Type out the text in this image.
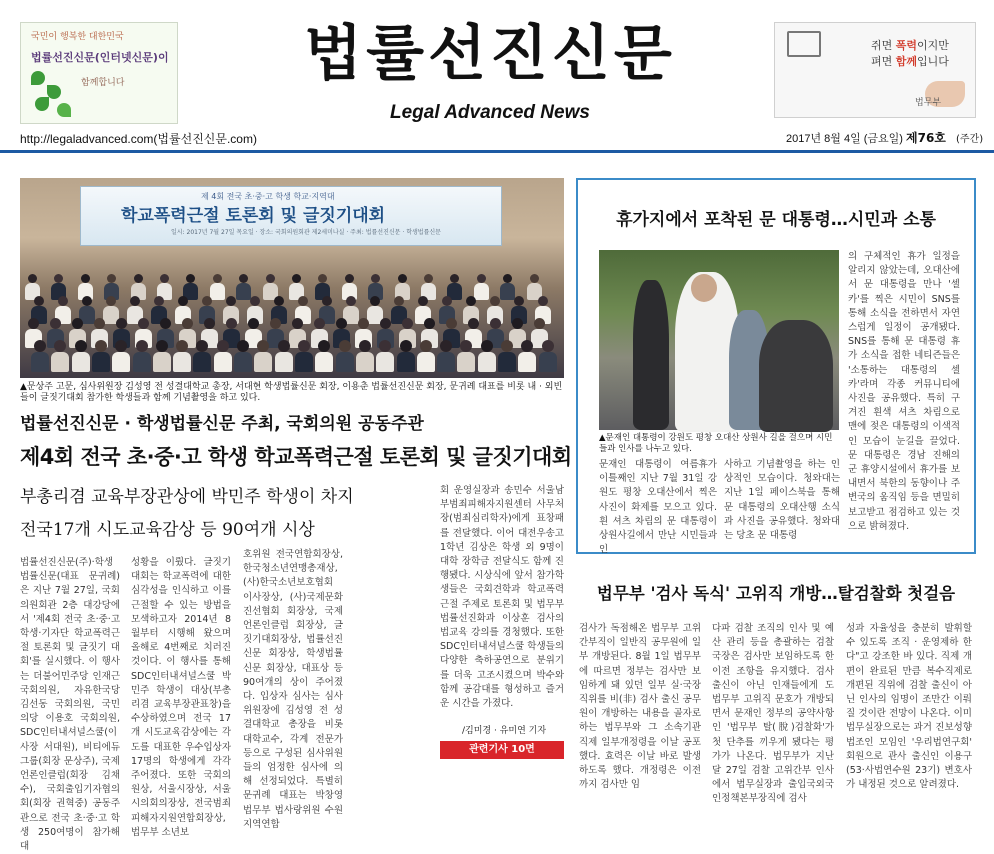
국민이 행복한 대한민국
법률선진신문(인터넷신문)이
함께합니다	법률선진신문
Legal Advanced News
쥐면 폭력이지만
펴면 함께입니다
법무부
http://legaladvanced.com(법률선진신문.com)	2017년 8월 4일 (금요일) 제76호 (주간)
제 4회 전국 초·중·고 학생 학교·지역대
학교폭력근절 토론회 및 글짓기대회
일시: 2017년 7월 27일 목요일 · 장소: 국회의원회관 제2세미나실 · 주최: 법률선진신문 · 학생법률신문
▲문상주 고문, 심사위원장 김성영 전 성결대학교 총장, 서대현 학생법률신문 회장, 이용춘 법률선진신문 회장, 문귀례 대표를 비롯 내 · 외빈들이 글짓기대회 참가한 학생들과 함께 기념촬영을 하고 있다.
법률선진신문 · 학생법률신문 주최, 국회의원 공동주관
제4회 전국 초·중·고 학생 학교폭력근절 토론회 및 글짓기대회
부총리겸 교육부장관상에 박민주 학생이 차지
전국17개 시도교육감상 등 90여개 시상
법률선진신문(주)·학생법률신문(대표 문귀례)은 지난 7월 27일, 국회의원회관 2층 대강당에서 '제4회 전국 초·중·고 학생·기자단 학교폭력근절 토론회 및 글짓기 대회'를 실시했다. 이 행사는 더불어민주당 인재근 국회의원, 자유한국당 김선동 국회의원, 국민의당 이용호 국회의원, SDC인터내셔널스쿨(이사장 서대원), 비티에듀그룹(회장 문상주), 국제언론인클럽(회장 김채수), 국회출입기자협의회(회장 권혁중) 공동주관으로 전국 초·중·고 학생 250여명이 참가해 대
성황을 이뤘다. 글짓기대회는 학교폭력에 대한 심각성을 인식하고 이를 근절할 수 있는 방법을 모색하고자 2014년 8월부터 시행해 왔으며 올해로 4번째로 치러진 것이다. 이 행사를 통해 SDC인터내셔널스쿨 박민주 학생이 대상(부총리겸 교육부장관표창)을 수상하였으며 전국 17개 시도교육감상에는 각도를 대표한 우수입상자 17명의 학생에게 각각 주어졌다. 또한 국회의원상, 서울시장상, 서울시의회의장상, 전국범죄피해자지원연합회장상, 법무부 소년보
호위원 전국연합회장상, 한국청소년연맹총재상, (사)한국소년보호협회 이사장상, (사)국제문화진선협회 회장상, 국제언론인클럽 회장상, 글짓기대회장상, 법률선진신문 회장상, 학생법률신문 회장상, 대표상 등 90여개의 상이 주어졌다. 입상자 심사는 심사위원장에 김성영 전 성결대학교 총장을 비롯 대학교수, 각계 전문가 등으로 구성된 심사위원들의 엄정한 심사에 의해 선정되었다. 특별히 문귀례 대표는 박창영 법무부 법사랑위원 수원지역연합
회 운영실장과 송민수 서울남부범죄피해자지원센터 사무처장(범죄심리학자)에게 표창패를 전달했다. 이어 대전우송고 1학년 김상은 학생 외 9명이 대학 장학금 전달식도 함께 진행됐다. 시상식에 앞서 참가학생들은 국회견학과 학교폭력근절 주제로 토론회 및 법무부 법률선진화과 이상훈 검사의 법교육 강의를 경청했다. 또한 SDC인터내셔널스쿨 학생들의 다양한 축하공연으로 분위기를 더욱 고조시켰으며 박수와 함께 공감대를 형성하고 즐거운 시간을 가졌다.
/김미경 · 유미연 기자
관련기사 10면
휴가지에서 포착된 문 대통령…시민과 소통
▲문재인 대통령이 강원도 평창 오대산 상원사 길을 걸으며 시민들과 인사를 나누고 있다.
의 구체적인 휴가 일정을 알리지 않았는데, 오대산에서 문 대통령을 만나 '셀카'를 찍은 시민이 SNS를 통해 소식을 전하면서 자연스럽게 일정이 공개됐다. SNS를 통해 문 대통령 휴가 소식을 접한 네티즌들은 '소통하는 대통령의 셀카'라며 각종 커뮤니티에 사진을 공유했다. 특히 구겨진 흰색 셔츠 차림으로 맨에 젖은 대통령의 이색적인 모습이 눈길을 끌었다. 문 대통령은 경남 진해의 군 휴양시설에서 휴가를 보내면서 북한의 동향이나 주변국의 움직임 등을 면밀히 보고받고 점검하고 있는 것으로 밝혀졌다.
문재인 대통령이 여름휴가 이틀째인 지난 7월 31일 강원도 평창 오대산에서 찍은 사진이 화제를 모으고 있다. 흰 셔츠 차림의 문 대통령이 상원사길에서 만난 시민들과 인
사하고 기념촬영을 하는 인상적인 모습이다. 청와대는 지난 1일 페이스북을 통해 문 대통령의 오대산행 소식과 사진을 공유했다. 청와대는 당초 문 대통령
법무부 '검사 독식' 고위직 개방…탈검찰화 첫걸음
검사가 독점해온 법무부 고위간부직이 일반직 공무원에 일부 개방된다. 8월 1일 법무부에 따르면 정부는 검사만 보임하게 돼 있던 일부 실·국장 직위를 비(非) 검사 출신 공무원이 개방하는 내용을 골자로 하는 법무부와 그 소속기관 직제 일부개정령을 이날 공포했다. 효력은 이날 바로 발생하도록 했다. 개정령은 이전까지 검사만 임
다파 검찰 조직의 인사 및 예산 관리 등을 총괄하는 검찰국장은 검사만 보임하도록 한 이전 조항을 유지했다. 검사 출신이 아닌 인재들에게 도 법무부 고위직 문호가 개방되면서 문재인 정부의 공약사항인 '법무부 탈(脫)검찰화'가 첫 단추를 끼우게 됐다는 평가가 나온다. 법무부가 지난달 27일 검찰 고위간부 인사에서 법무실장과 출입국외국인정책본부장직에 검사
성과 자율성을 충분히 발휘할 수 있도록 조직 · 운영제하 한다"고 강조한 바 있다. 직제 개편이 완료된 만큼 복수직제로 개편된 직위에 검찰 출신이 아닌 인사의 임명이 조만간 이뤄질 것이란 전망이 나온다. 이미 법무실장으로는 과거 진보성향 법조인 모임인 '우리법연구회' 회원으로 관사 출신인 이용구(53·사법연수원 23기) 변호사가 내정된 것으로 알려졌다.
